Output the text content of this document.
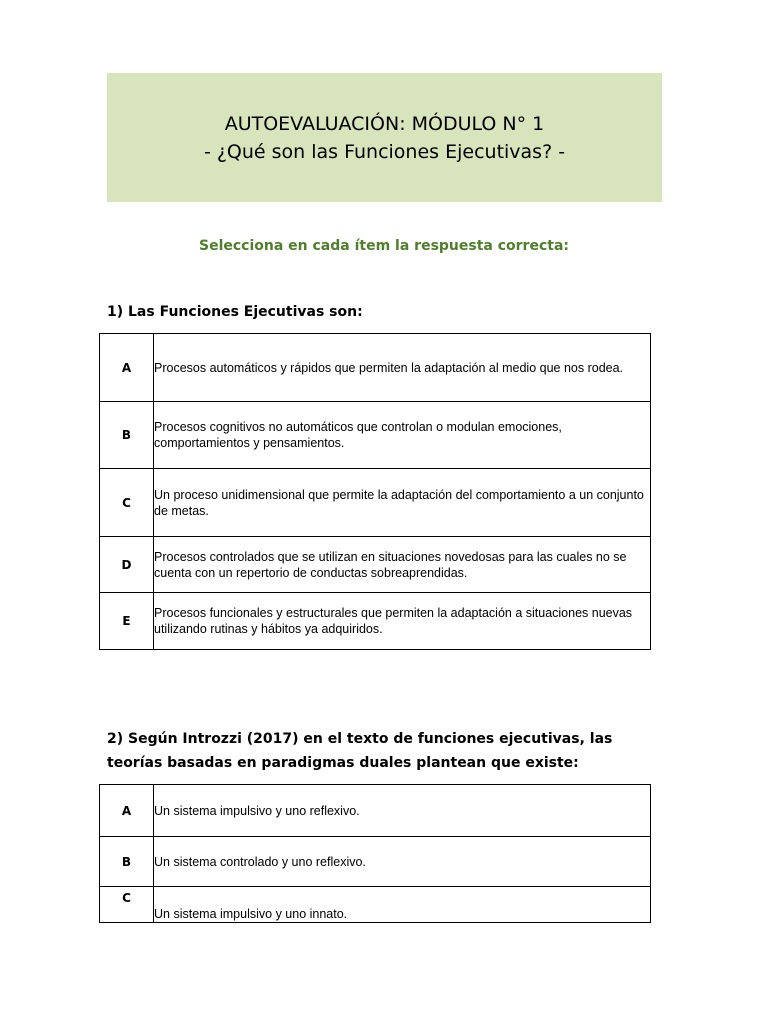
AUTOEVALUACIÓN: MÓDULO N° 1
- ¿Qué son las Funciones Ejecutivas? -
Selecciona en cada ítem la respuesta correcta:
1) Las Funciones Ejecutivas son:
A	Procesos automáticos y rápidos que permiten la adaptación al medio que nos rodea.
B	Procesos cognitivos no automáticos que controlan o modulan emociones, comportamientos y pensamientos.
C	Un proceso unidimensional que permite la adaptación del comportamiento a un conjunto de metas.
D	Procesos controlados que se utilizan en situaciones novedosas para las cuales no se cuenta con un repertorio de conductas sobreaprendidas.
E	Procesos funcionales y estructurales que permiten la adaptación a situaciones nuevas utilizando rutinas y hábitos ya adquiridos.
2) Según Introzzi (2017) en el texto de funciones ejecutivas, las teorías basadas en paradigmas duales plantean que existe:
A	Un sistema impulsivo y uno reflexivo.
B	Un sistema controlado y uno reflexivo.
C	Un sistema impulsivo y uno innato.
